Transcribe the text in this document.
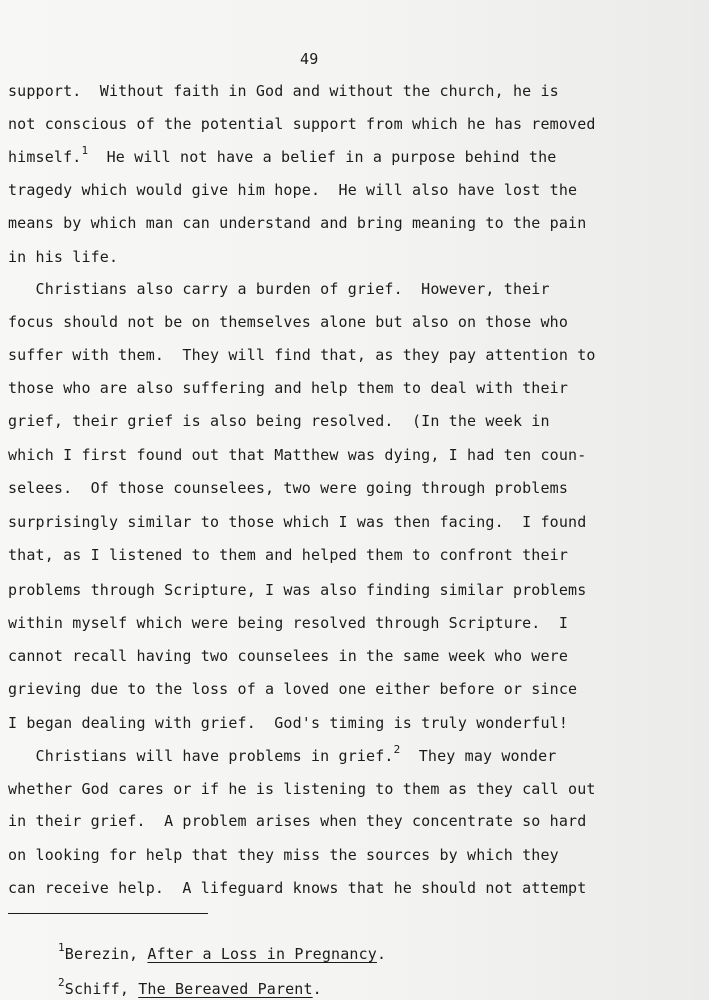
49

support.  Without faith in God and without the church, he is

not conscious of the potential support from which he has removed

himself.$^1$  He will not have a belief in a purpose behind the

tragedy which would give him hope.  He will also have lost the

means by which man can understand and bring meaning to the pain

in his life.

Christians also carry a burden of grief.  However, their

focus should not be on themselves alone but also on those who

suffer with them.  They will find that, as they pay attention to

those who are also suffering and help them to deal with their

grief, their grief is also being resolved.  (In the week in

which I first found out that Matthew was dying, I had ten coun-

selees.  Of those counselees, two were going through problems

surprisingly similar to those which I was then facing.  I found

that, as I listened to them and helped them to confront their

problems through Scripture, I was also finding similar problems

within myself which were being resolved through Scripture.  I

cannot recall having two counselees in the same week who were

grieving due to the loss of a loved one either before or since

I began dealing with grief.  God's timing is truly wonderful!

Christians will have problems in grief.$^2$  They may wonder

whether God cares or if he is listening to them as they call out

in their grief.  A problem arises when they concentrate so hard

on looking for help that they miss the sources by which they

can receive help.  A lifeguard knows that he should not attempt

$^1$Berezin, After a Loss in Pregnancy.

$^2$Schiff, The Bereaved Parent.
